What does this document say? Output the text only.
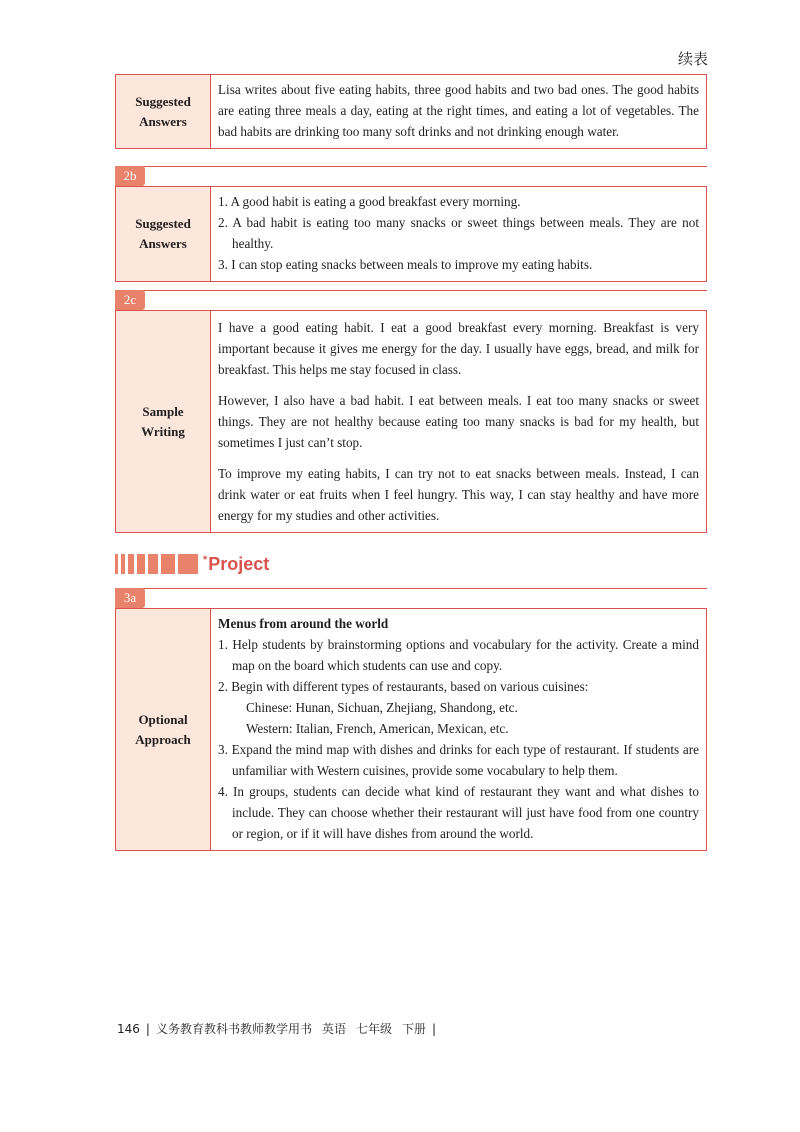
续表
Suggested Answers
Lisa writes about five eating habits, three good habits and two bad ones. The good habits are eating three meals a day, eating at the right times, and eating a lot of vegetables. The bad habits are drinking too many soft drinks and not drinking enough water.
2b
Suggested Answers
1. A good habit is eating a good breakfast every morning.
2. A bad habit is eating too many snacks or sweet things between meals. They are not healthy.
3. I can stop eating snacks between meals to improve my eating habits.
2c
Sample Writing

I have a good eating habit. I eat a good breakfast every morning. Breakfast is very important because it gives me energy for the day. I usually have eggs, bread, and milk for breakfast. This helps me stay focused in class.

However, I also have a bad habit. I eat between meals. I eat too many snacks or sweet things. They are not healthy because eating too many snacks is bad for my health, but sometimes I just can’t stop.

To improve my eating habits, I can try not to eat snacks between meals. Instead, I can drink water or eat fruits when I feel hungry. This way, I can stay healthy and have more energy for my studies and other activities.

*Project
3a
Optional Approach
Menus from around the world
1. Help students by brainstorming options and vocabulary for the activity. Create a mind map on the board which students can use and copy.
2. Begin with different types of restaurants, based on various cuisines:
Chinese: Hunan, Sichuan, Zhejiang, Shandong, etc.
Western: Italian, French, American, Mexican, etc.
3. Expand the mind map with dishes and drinks for each type of restaurant. If students are unfamiliar with Western cuisines, provide some vocabulary to help them.
4. In groups, students can decide what kind of restaurant they want and what dishes to include. They can choose whether their restaurant will just have food from one country or region, or if it will have dishes from around the world.
146 | 义务教育教科书教师教学用书 英语 七年级 下册 |
